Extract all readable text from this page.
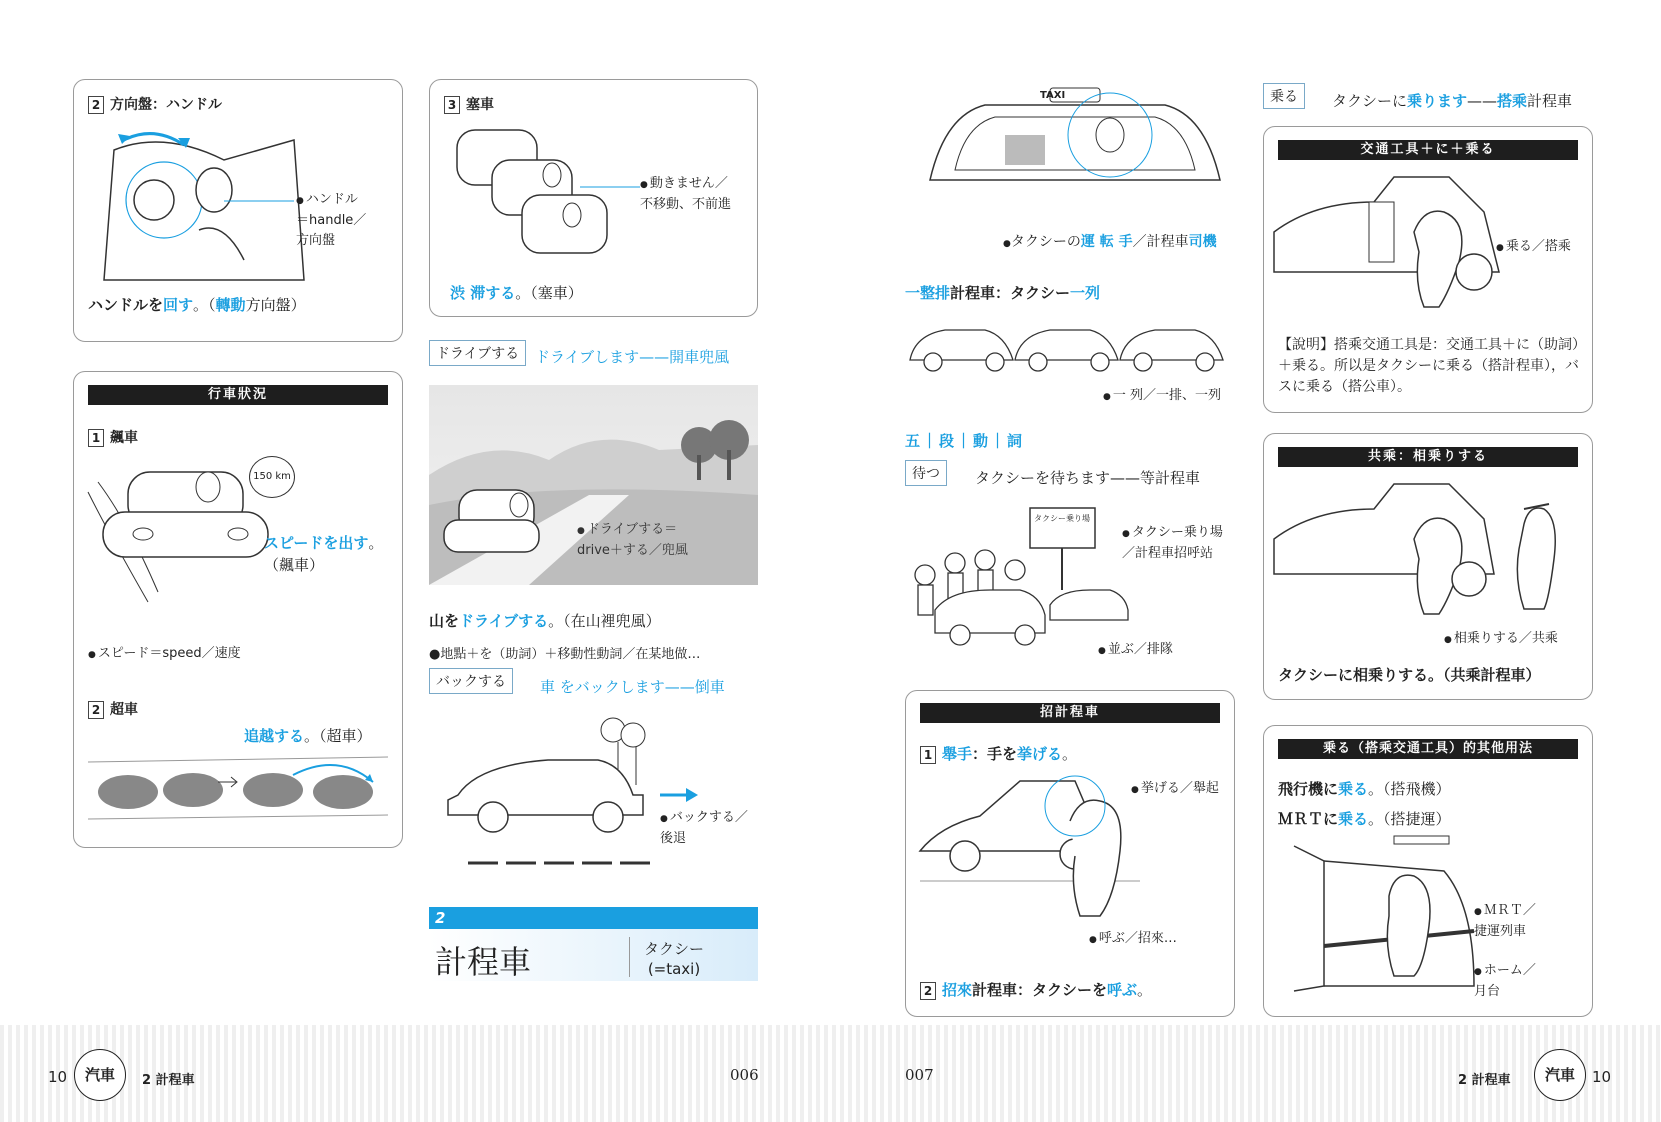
2 方向盤：ハンドル
● ハンドル
＝handle／
方向盤
ハンドルを回す。（轉動方向盤）
3 塞車
● 動きません／
不移動、不前進
渋 滞する。（塞車）
行車狀況
1 飆車
150 km
スピードを出す。
（飆車）
● スピード＝speed／速度
2 超車
追越する。（超車）
ドライブする	ドライブします——開車兜風
● ドライブする＝
drive＋する／兜風
山をドライブする。（在山裡兜風）
●地點＋を（助詞）＋移動性動詞／在某地做…
バックする	車 をバックします——倒車
● バックする／
後退
2
計程車	タクシー
(=taxi)
TAXI
●タクシーの運 転 手／計程車司機
一整排計程車：タクシー一列
● 一 列／一排、一列
五｜段｜動｜詞
待つ	タクシーを待ちます——等計程車
タクシー乗り場
● タクシー乗り場
／計程車招呼站
● 並ぶ／排隊
招計程車
1 舉手：手を挙げる。
● 挙げる／舉起
● 呼ぶ／招來…
2 招來計程車：タクシーを呼ぶ。
乗る	タクシーに乗ります——搭乘計程車
交通工具＋に＋乗る
● 乗る／搭乘
【說明】搭乘交通工具是：交通工具＋に（助詞）＋乗る。所以是タクシーに乗る（搭計程車），バスに乗る（搭公車）。
共乘：相乗りする
● 相乗りする／共乘
タクシーに相乗りする。（共乘計程車）
乗る（搭乘交通工具）的其他用法
飛行機に乗る。（搭飛機）
ＭＲＴに乗る。（搭捷運）
● ＭＲＴ／
捷運列車
● ホーム／
月台
10	汽車	2 計程車	006	007	2 計程車	汽車	10
